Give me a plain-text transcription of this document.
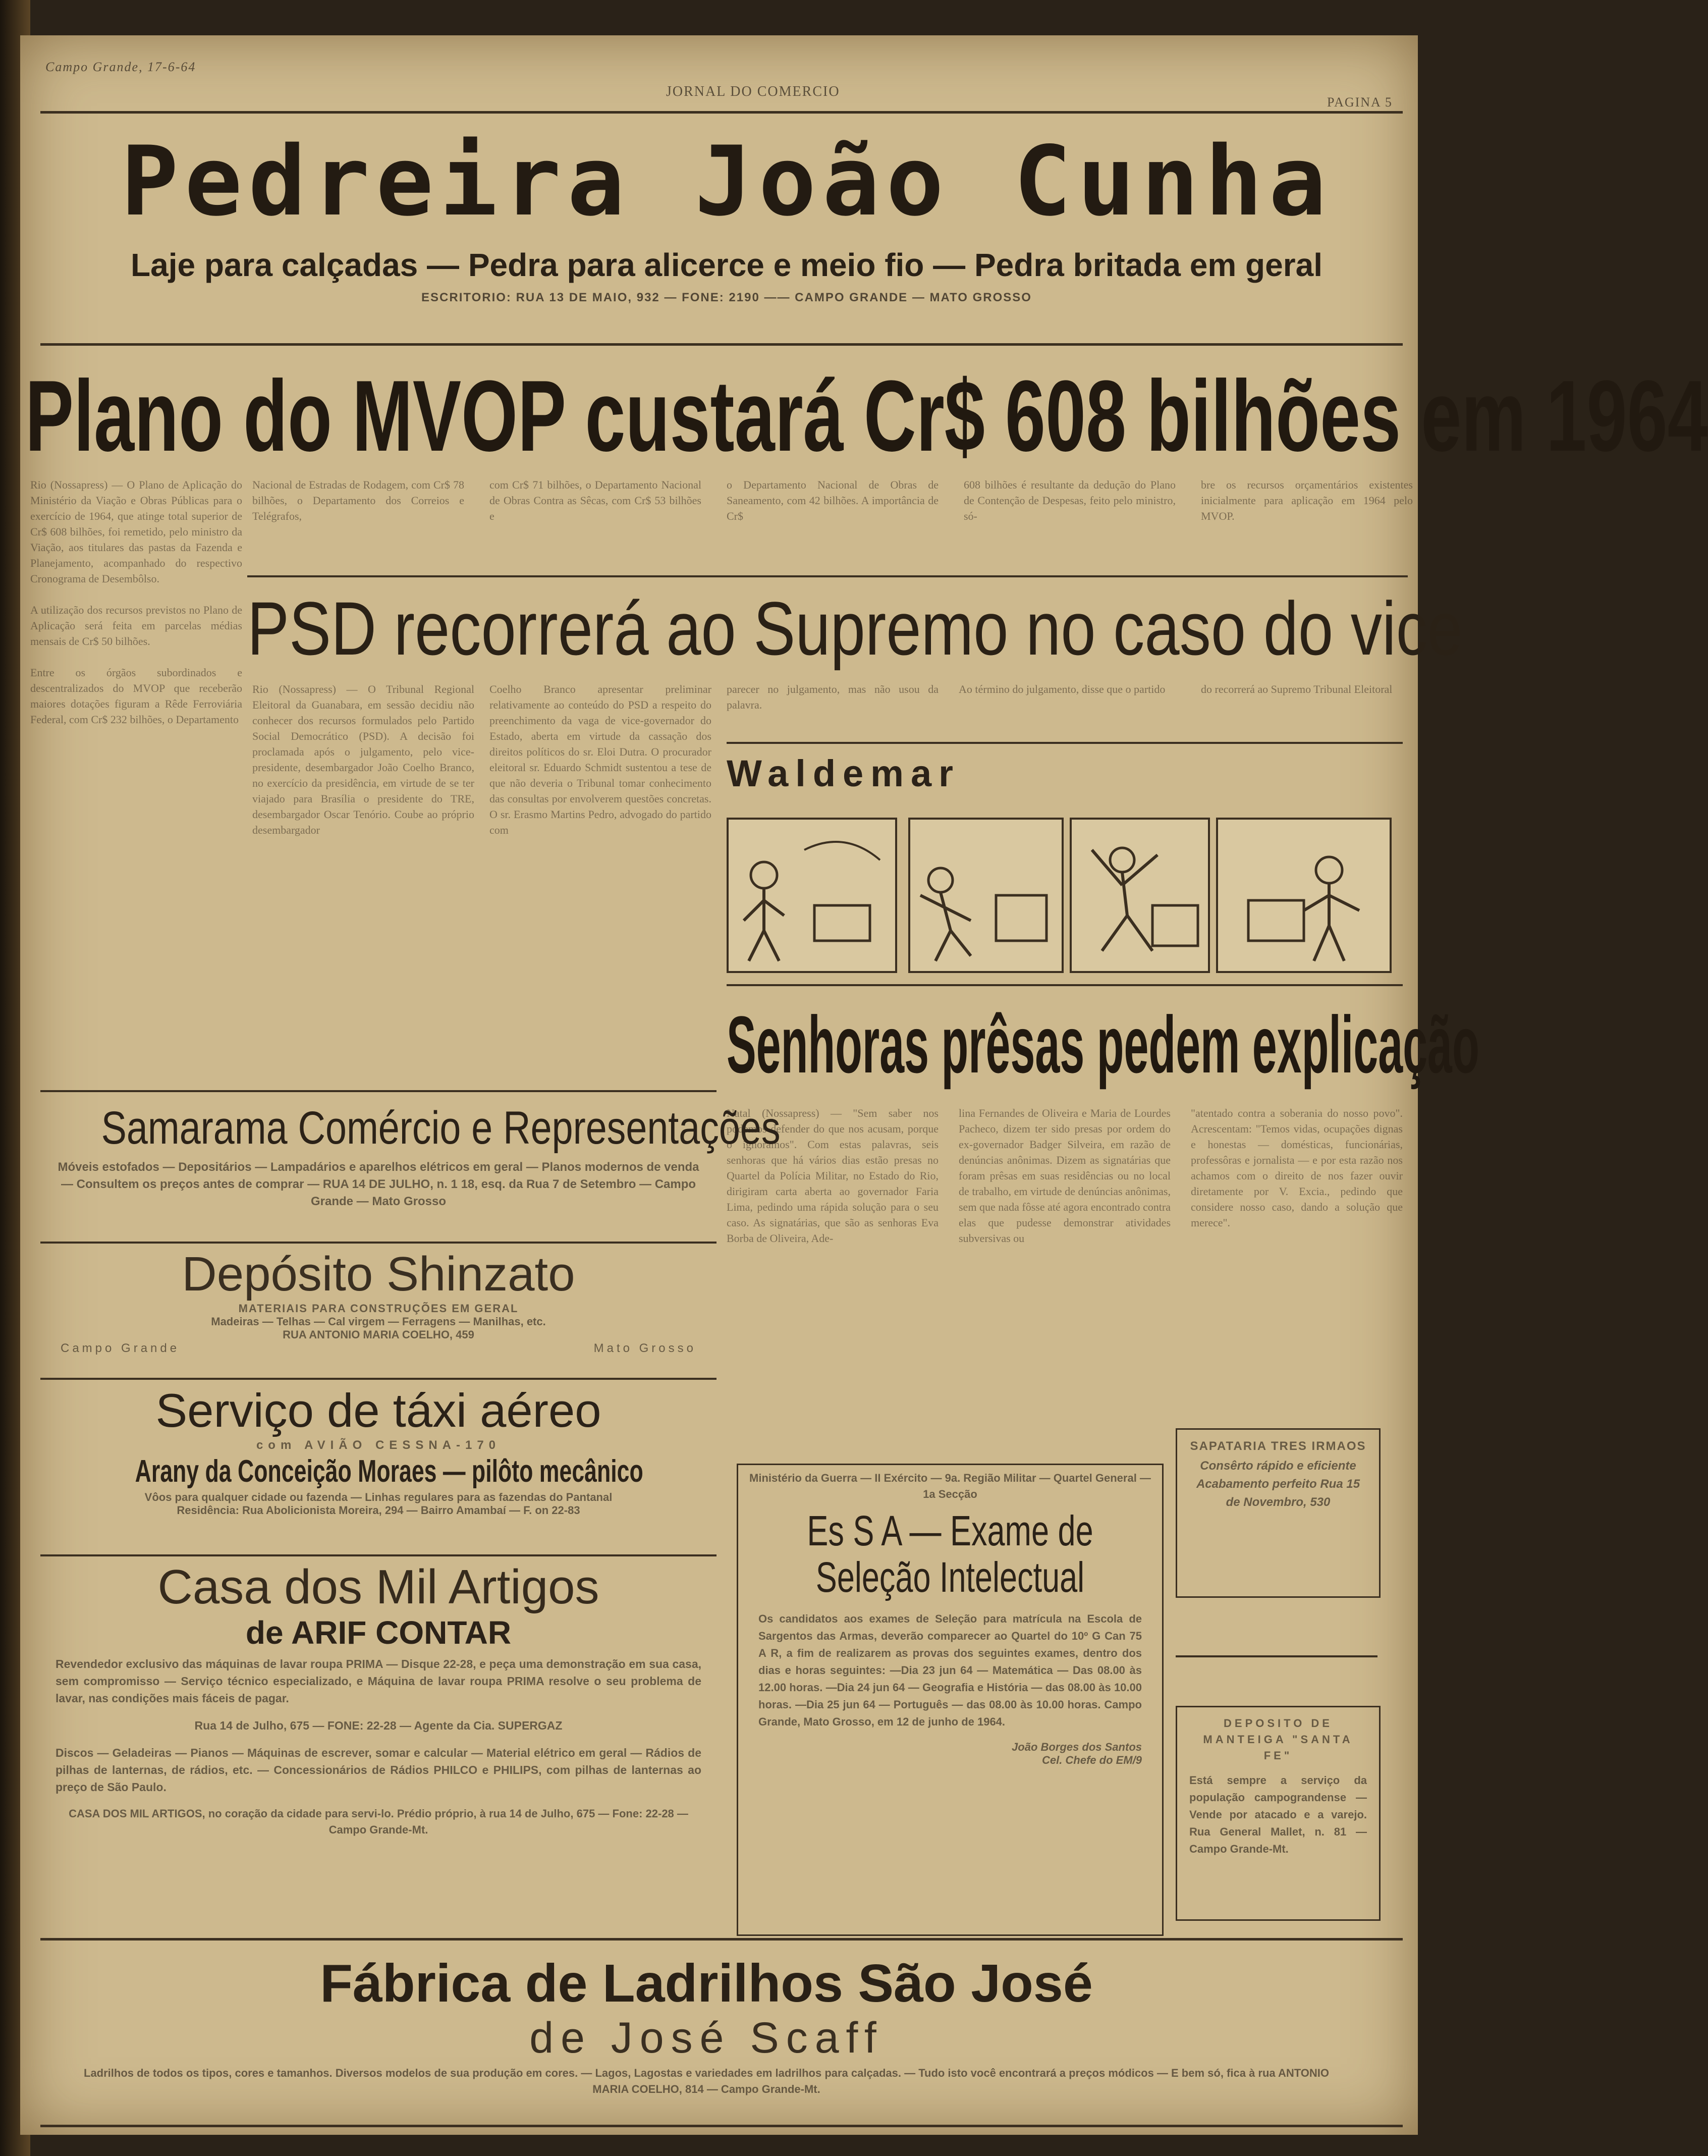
Campo Grande, 17-6-64
JORNAL DO COMERCIO
PAGINA 5
Pedreira João Cunha
Laje para calçadas — Pedra para alicerce e meio fio — Pedra britada em geral
ESCRITORIO: RUA 13 DE MAIO, 932 — FONE: 2190 —— CAMPO GRANDE — MATO GROSSO
Plano do MVOP custará Cr$ 608 bilhões em 1964
Rio (Nossapress) — O Plano de Aplicação do Ministério da Viação e Obras Públicas para o exercício de 1964, que atinge total superior de Cr$ 608 bilhões, foi remetido, pelo ministro da Viação, aos titulares das pastas da Fazenda e Planejamento, acompanhado do respectivo Cronograma de Desembôlso.

A utilização dos recursos previstos no Plano de Aplicação será feita em parcelas médias mensais de Cr$ 50 bilhões.

Entre os órgãos subordinados e descentralizados do MVOP que receberão maiores dotações figuram a Rêde Ferroviária Federal, com Cr$ 232 bilhões, o Departamento
Nacional de Estradas de Rodagem, com Cr$ 78 bilhões, o Departamento dos Correios e Telégrafos,
com Cr$ 71 bilhões, o Departamento Nacional de Obras Contra as Sêcas, com Cr$ 53 bilhões e
o Departamento Nacional de Obras de Saneamento, com 42 bilhões. A importância de Cr$
608 bilhões é resultante da dedução do Plano de Contenção de Despesas, feito pelo ministro, só-
bre os recursos orçamentários existentes inicialmente para aplicação em 1964 pelo MVOP.
PSD recorrerá ao Supremo no caso do vice
Rio (Nossapress) — O Tribunal Regional Eleitoral da Guanabara, em sessão decidiu não conhecer dos recursos formulados pelo Partido Social Democrático (PSD). A decisão foi proclamada após o julgamento, pelo vice-presidente, desembargador João Coelho Branco, no exercício da presidência, em virtude de se ter viajado para Brasília o presidente do TRE, desembargador Oscar Tenório. Coube ao próprio desembargador
Coelho Branco apresentar preliminar relativamente ao conteúdo do PSD a respeito do preenchimento da vaga de vice-governador do Estado, aberta em virtude da cassação dos direitos políticos do sr. Eloi Dutra. O procurador eleitoral sr. Eduardo Schmidt sustentou a tese de que não deveria o Tribunal tomar conhecimento das consultas por envolverem questões concretas. O sr. Erasmo Martins Pedro, advogado do partido com
parecer no julgamento, mas não usou da palavra.
Ao término do julgamento, disse que o partido	do recorrerá ao Supremo Tribunal Eleitoral
Waldemar
Senhoras prêsas pedem explicação
Natal (Nossapress) — "Sem saber nos podemos defender do que nos acusam, porque o ignoramos". Com estas palavras, seis senhoras que há vários dias estão presas no Quartel da Polícia Militar, no Estado do Rio, dirigiram carta aberta ao governador Faria Lima, pedindo uma rápida solução para o seu caso. As signatárias, que são as senhoras Eva Borba de Oliveira, Ade-
lina Fernandes de Oliveira e Maria de Lourdes Pacheco, dizem ter sido presas por ordem do ex-governador Badger Silveira, em razão de denúncias anônimas. Dizem as signatárias que foram prêsas em suas residências ou no local de trabalho, em virtude de denúncias anônimas, sem que nada fôsse até agora encontrado contra elas que pudesse demonstrar atividades subversivas ou
"atentado contra a soberania do nosso povo". Acrescentam: "Temos vidas, ocupações dignas e honestas — domésticas, funcionárias, professôras e jornalista — e por esta razão nos achamos com o direito de nos fazer ouvir diretamente por V. Excia., pedindo que considere nosso caso, dando a solução que merece".
Samarama Comércio e Representações
Móveis estofados — Depositários — Lampadários e aparelhos elétricos em geral — Planos modernos de venda — Consultem os preços antes de comprar — RUA 14 DE JULHO, n. 1 18, esq. da Rua 7 de Setembro — Campo Grande — Mato Grosso
Depósito Shinzato
MATERIAIS PARA CONSTRUÇÕES EM GERAL
Madeiras — Telhas — Cal virgem — Ferragens — Manilhas, etc.
RUA ANTONIO MARIA COELHO, 459
Campo Grande	Mato Grosso
Serviço de táxi aéreo
com AVIÃO CESSNA-170
Arany da Conceição Moraes — pilôto mecânico
Vôos para qualquer cidade ou fazenda — Linhas regulares para as fazendas do Pantanal
Residência: Rua Abolicionista Moreira, 294 — Bairro Amambaí — F. on 22-83
Casa dos Mil Artigos
de ARIF CONTAR
Revendedor exclusivo das máquinas de lavar roupa PRIMA — Disque 22-28, e peça uma demonstração em sua casa, sem compromisso — Serviço técnico especializado, e Máquina de lavar roupa PRIMA resolve o seu problema de lavar, nas condições mais fáceis de pagar.
Rua 14 de Julho, 675 — FONE: 22-28 — Agente da Cia. SUPERGAZ
Discos — Geladeiras — Pianos — Máquinas de escrever, somar e calcular — Material elétrico em geral — Rádios de pilhas de lanternas, de rádios, etc. — Concessionários de Rádios PHILCO e PHILIPS, com pilhas de lanternas ao preço de São Paulo.
CASA DOS MIL ARTIGOS, no coração da cidade para servi-lo. Prédio próprio, à rua 14 de Julho, 675 — Fone: 22-28 — Campo Grande-Mt.
Ministério da Guerra — II Exército — 9a. Região Militar — Quartel General — 1a Secção
Es S A — Exame de
Seleção Intelectual
Os candidatos aos exames de Seleção para matrícula na Escola de Sargentos das Armas, deverão comparecer ao Quartel do 10º G Can 75 A R, a fim de realizarem as provas dos seguintes exames, dentro dos dias e horas seguintes: —Dia 23 jun 64 — Matemática — Das 08.00 às 12.00 horas. —Dia 24 jun 64 — Geografia e História — das 08.00 às 10.00 horas. —Dia 25 jun 64 — Português — das 08.00 às 10.00 horas. Campo Grande, Mato Grosso, em 12 de junho de 1964.
João Borges dos Santos
Cel. Chefe do EM/9
SAPATARIA TRES IRMAOS
Consêrto rápido e eficiente Acabamento perfeito Rua 15 de Novembro, 530
DEPOSITO DE MANTEIGA "SANTA FE"
Está sempre a serviço da população campograndense — Vende por atacado e a varejo. Rua General Mallet, n. 81 — Campo Grande-Mt.
Fábrica de Ladrilhos São José
de José Scaff
Ladrilhos de todos os tipos, cores e tamanhos. Diversos modelos de sua produção em cores. — Lagos, Lagostas e variedades em ladrilhos para calçadas. — Tudo isto você encontrará a preços módicos — E bem só, fica à rua ANTONIO MARIA COELHO, 814 — Campo Grande-Mt.
